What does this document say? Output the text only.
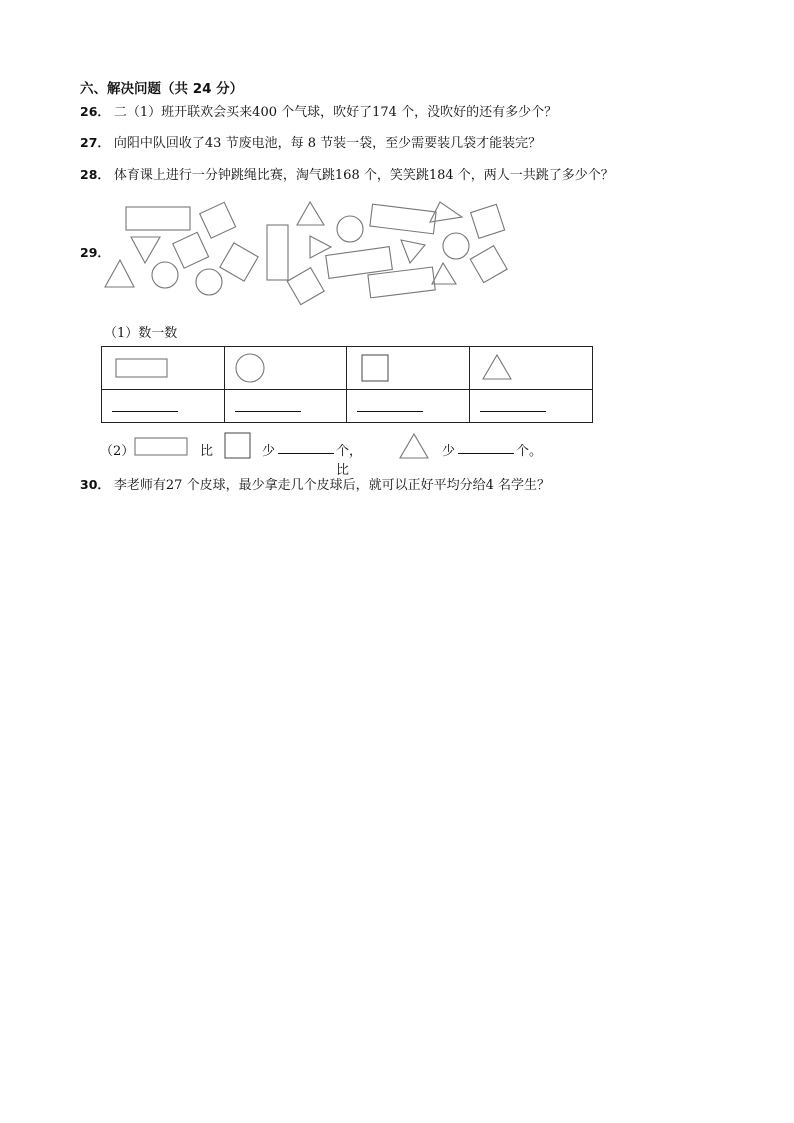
六、解决问题（共 24 分）
26． 二（1）班开联欢会买来400 个气球，吹好了174 个，没吹好的还有多少个？
27． 向阳中队回收了43 节废电池，每 8 节装一袋，至少需要装几袋才能装完？
28． 体育课上进行一分钟跳绳比赛，淘气跳168 个，笑笑跳184 个，两人一共跳了多少个？
29．
（1）数一数

（2）	比	少	个，比
少	个。
30． 李老师有27 个皮球，最少拿走几个皮球后，就可以正好平均分给4 名学生？
